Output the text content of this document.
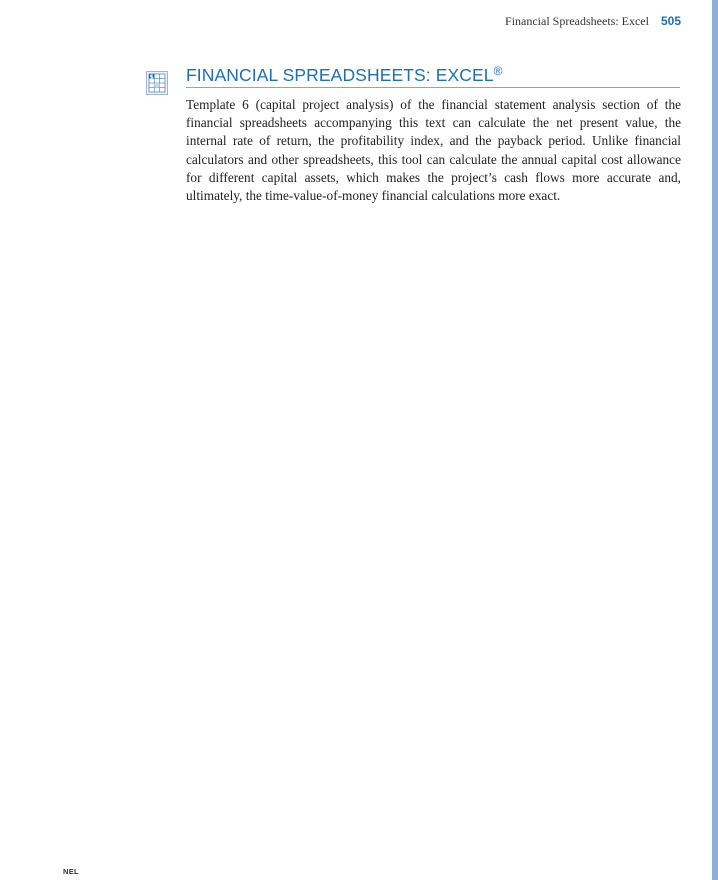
Financial Spreadsheets: Excel 505
FINANCIAL SPREADSHEETS: EXCEL®

Template 6 (capital project analysis) of the financial statement analysis section of the financial spreadsheets accompanying this text can calculate the net present value, the internal rate of return, the profitability index, and the payback period. Unlike financial calculators and other spreadsheets, this tool can calculate the annual capital cost allowance for different capital assets, which makes the project’s cash flows more accurate and, ultimately, the time-value-of-money financial calculations more exact.

NEL
